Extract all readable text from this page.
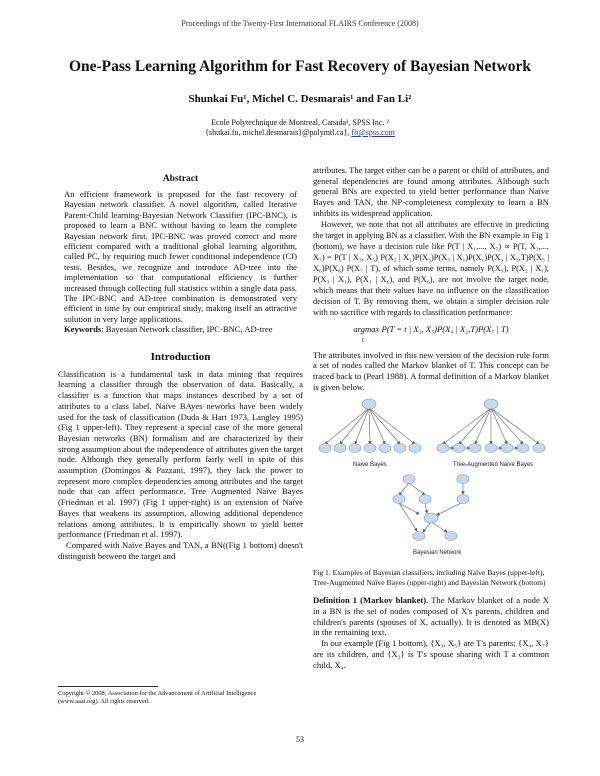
Proceedings of the Twenty-First International FLAIRS Conference (2008)
One-Pass Learning Algorithm for Fast Recovery of Bayesian Network
Shunkai Fu¹, Michel C. Desmarais¹ and Fan Li²
Ecole Polytechnique de Montreal, Canada¹, SPSS Inc. ²
{shukai.fu, michel.desmarais}@polymtl.ca}, fli@spss.com
Abstract

An efficient framework is proposed for the fast recovery of Bayesian network classifier. A novel algorithm, called Iterative Parent-Child learning-Bayesian Network Classifier (IPC-BNC), is proposed to learn a BNC without having to learn the complete Bayesian network first. IPC-BNC was proved correct and more efficient compared with a traditional global learning algorithm, called PC, by requiring much fewer conditional independence (CI) tests. Besides, we recognize and introduce AD-tree into the implementation so that computational efficiency is further increased through collecting full statistics within a single data pass. The IPC-BNC and AD-tree combination is demonstrated very efficient in time by our empirical study, making itself an attractive solution in very large applications.

Keywords: Bayesian Network classifier, IPC-BNC, AD-tree

Introduction

Classification is a fundamental task in data mining that requires learning a classifier through the observation of data. Basically, a classifier is a function that maps instances described by a set of attributes to a class label. Naïve BAyes neworks have been widely used for the task of classification (Duda & Hart 1973, Langley 1995) (Fig 1 upper-left). They represent a special case of the more general Bayesian networks (BN) formalism and are characterized by their strong assumption about the independence of attributes given the target node. Although they generally perform fairly well in spite of this assumption (Domingos & Pazzani, 1997), they lack the power to represent more complex dependencies among attributes and the target node that can affect performance. Tree Augmented Naïve Bayes (Friedman et al. 1997) (Fig 1 upper-right) is an extension of Naïve Bayes that weakens its assumption, allowing additional dependence relations among attributes. It is empirically shown to yield better performance (Friedman et al. 1997).

Compared with Naïve Bayes and TAN, a BN((Fig 1 bottom) doesn't distinguish between the target and

attributes. The target either can be a parent or child of attributes, and general dependencies are found among attributes. Although such general BNs are expected to yield better performance than Naïve Bayes and TAN, the NP-completeness complexity to learn a BN inhibits its widespread application.

However, we note that not all attributes are effective in predicting the target in applying BN as a classifier. With the BN example in Fig 1 (bottom), we have a decision rule like P(T | X₁,..., X₇) ∝ P(T, X₁,..., X₇) = P(T | X₃, X₅) P(X₂ | X₁)P(X₃)P(X₃ | X₁)P(X₁)P(X₄ | X₂,T)P(X₅ | X₆)P(X₆) P(X₇ | T), of which some terms, namely P(X₁), P(X₂ | X₁), P(X₃ | X₁), P(X₁ | X₆), and P(X₆), are not involve the target node, which means that their values have no influence on the classification decision of T. By removing them, we obtain a simpler decision rule with no sacrifice with regards to classification performance:

argmax P(T = t | X₃, X₅)P(X₄ | X₂,T)P(X₇ | T)
t

The attributes involved in this new version of the decision rule form a set of nodes called the Markov blanket of T. This concept can be traced back to (Pearl 1988). A formal definition of a Markov blanket is given below.

Naive Bayes	Tree-Augmented Naive Bayes
Bayesian Network

Fig 1. Examples of Bayesian classifiers, including Naïve Bayes (upper-left), Tree-Augmented Naïve Bayes (upper-right) and Bayesian Network (bottom)

Definition 1 (Markov blanket). The Markov blanket of a node X in a BN is the set of nodes composed of X's parents, children and children's parents (spouses of X, actually). It is denoted as MB(X) in the remaining text.

In our example (Fig 1 bottom), {X₃, X₅} are T's parents; {X₄, X₇} are its children, and {X₂} is T's spouse sharing with T a common child, X₄.

Copyright © 2008, Association for the Advancement of Artificial Intelligence (www.aaai.org). All rights reserved.
53
